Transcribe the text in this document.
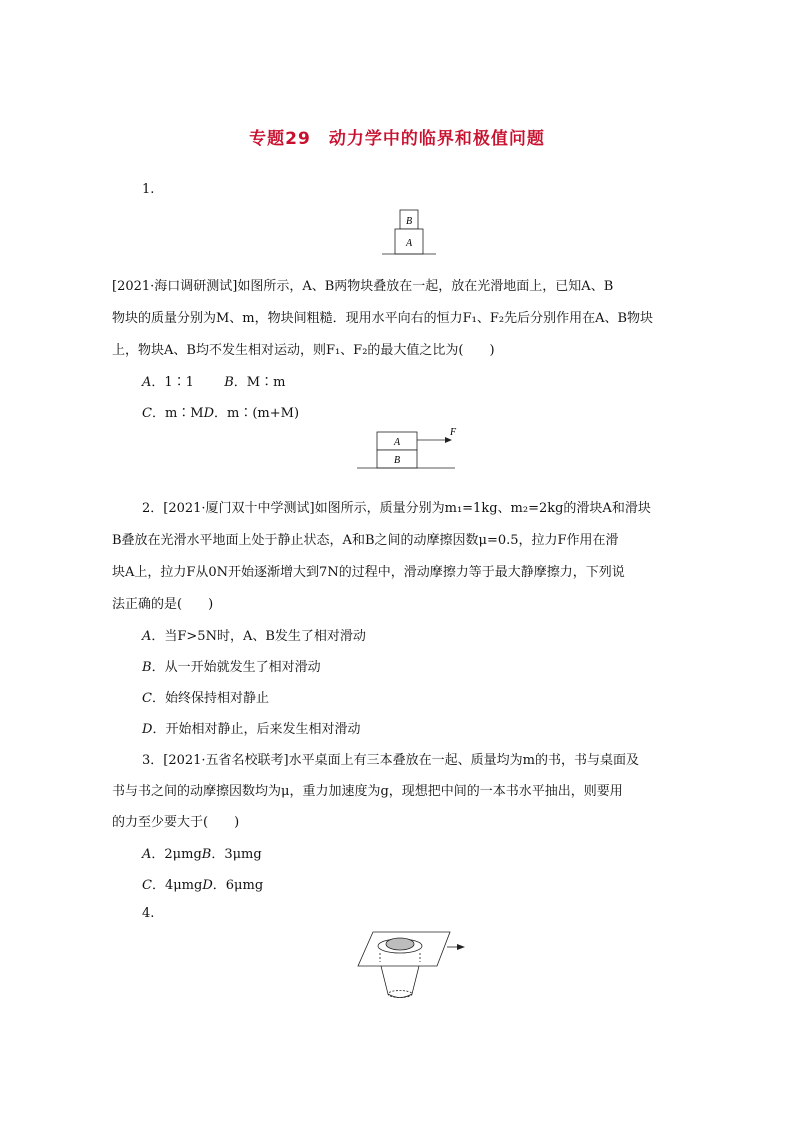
专题29　动力学中的临界和极值问题
1.
B
A
[2021·海口调研测试]如图所示，A、B两物块叠放在一起，放在光滑地面上，已知A、B
物块的质量分别为M、m，物块间粗糙．现用水平向右的恒力F₁、F₂先后分别作用在A、B物块
上，物块A、B均不发生相对运动，则F₁、F₂的最大值之比为(　　)
A．1∶1 B．M∶m
C．m∶MD．m∶(m+M)
A
B
F
2．[2021·厦门双十中学测试]如图所示，质量分别为m₁=1kg、m₂=2kg的滑块A和滑块
B叠放在光滑水平地面上处于静止状态，A和B之间的动摩擦因数μ=0.5，拉力F作用在滑
块A上，拉力F从0N开始逐渐增大到7N的过程中，滑动摩擦力等于最大静摩擦力，下列说
法正确的是(　　)
A．当F>5N时，A、B发生了相对滑动
B．从一开始就发生了相对滑动
C．始终保持相对静止
D．开始相对静止，后来发生相对滑动
3．[2021·五省名校联考]水平桌面上有三本叠放在一起、质量均为m的书，书与桌面及
书与书之间的动摩擦因数均为μ，重力加速度为g，现想把中间的一本书水平抽出，则要用
的力至少要大于(　　)
A．2μmgB．3μmg
C．4μmgD．6μmg
4.
